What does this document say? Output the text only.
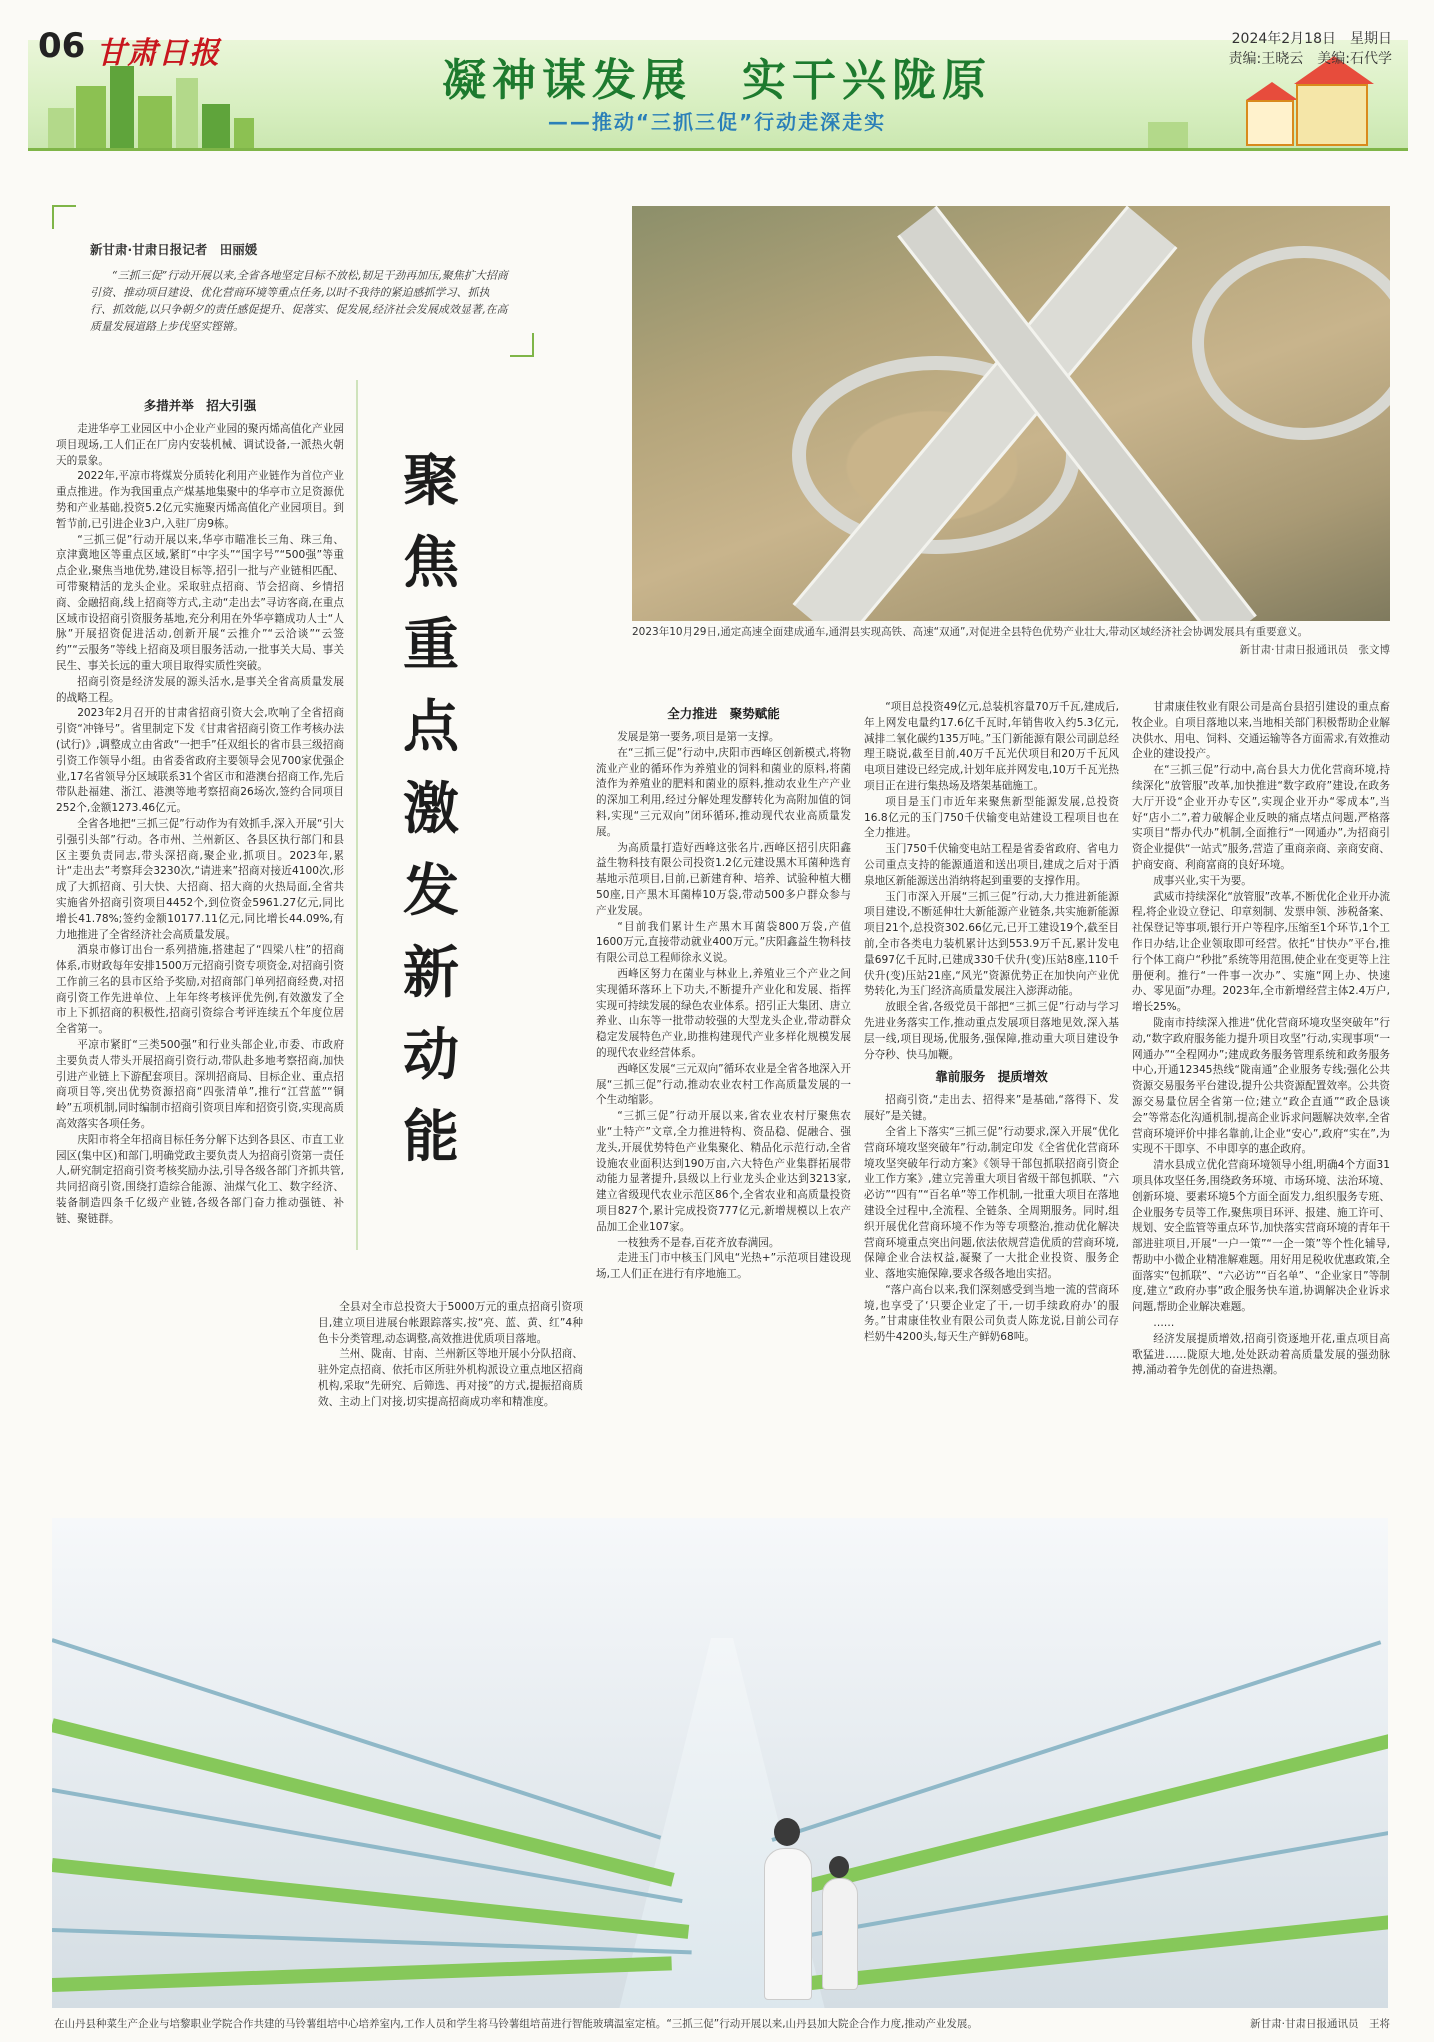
06 甘肃日报	2024年2月18日　星期日
责编:王晓云　美编:石代学
凝神谋发展　实干兴陇原
——推动“三抓三促”行动走深走实
新甘肃·甘肃日报记者　田丽媛
“三抓三促”行动开展以来,全省各地坚定目标不放松,韧足干劲再加压,聚焦扩大招商引资、推动项目建设、优化营商环境等重点任务,以时不我待的紧迫感抓学习、抓执行、抓效能,以只争朝夕的责任感促提升、促落实、促发展,经济社会发展成效显著,在高质量发展道路上步伐坚实铿锵。
2023年10月29日,通定高速全面建成通车,通渭县实现高铁、高速“双通”,对促进全县特色优势产业壮大,带动区域经济社会协调发展具有重要意义。
新甘肃·甘肃日报通讯员　张文博
聚焦重点激发新动能
多措并举　招大引强

走进华亭工业园区中小企业产业园的聚丙烯高值化产业园项目现场,工人们正在厂房内安装机械、调试设备,一派热火朝天的景象。

2022年,平凉市将煤炭分质转化利用产业链作为首位产业重点推进。作为我国重点产煤基地集聚中的华亭市立足资源优势和产业基础,投资5.2亿元实施聚丙烯高值化产业园项目。到暂节前,已引进企业3户,入驻厂房9栋。

“三抓三促”行动开展以来,华亭市瞄准长三角、珠三角、京津冀地区等重点区域,紧盯“中字头”“国字号”“500强”等重点企业,聚焦当地优势,建设目标等,招引一批与产业链相匹配、可带聚精活的龙头企业。采取驻点招商、节会招商、乡情招商、金融招商,线上招商等方式,主动“走出去”寻访客商,在重点区域市设招商引资服务基地,充分利用在外华亭籍成功人士“人脉”开展招资促进活动,创新开展“云推介”“云洽谈”“云签约”“云服务”等线上招商及项目服务活动,一批事关大局、事关民生、事关长远的重大项目取得实质性突破。

招商引资是经济发展的源头活水,是事关全省高质量发展的战略工程。

2023年2月召开的甘肃省招商引资大会,吹响了全省招商引资“冲锋号”。省里制定下发《甘肃省招商引资工作考核办法(试行)》,调整成立由省政“一把手”任双组长的省市县三级招商引资工作领导小组。由省委省政府主要领导会见700家优强企业,17名省领导分区域联系31个省区市和港澳台招商工作,先后带队赴福建、浙江、港澳等地考察招商26场次,签约合同项目252个,金额1273.46亿元。

全省各地把“三抓三促”行动作为有效抓手,深入开展“引大引强引头部”行动。各市州、兰州新区、各县区执行部门和县区主要负责同志,带头深招商,聚企业,抓项目。2023年,累计“走出去”考察拜会3230次,“请进来”招商对接近4100次,形成了大抓招商、引大快、大招商、招大商的火热局面,全省共实施省外招商引资项目4452个,到位资金5961.27亿元,同比增长41.78%;签约金额10177.11亿元,同比增长44.09%,有力地推进了全省经济社会高质量发展。

酒泉市修订出台一系列措施,搭建起了“四梁八柱”的招商体系,市财政每年安排1500万元招商引资专项资金,对招商引资工作前三名的县市区给予奖励,对招商部门单列招商经费,对招商引资工作先进单位、上年年终考核评优先例,有效激发了全市上下抓招商的积极性,招商引资综合考评连续五个年度位居全省第一。

平凉市紧盯“三类500强”和行业头部企业,市委、市政府主要负责人带头开展招商引资行动,带队赴多地考察招商,加快引进产业链上下游配套项目。深圳招商局、目标企业、重点招商项目等,突出优势资源招商“四张清单”,推行“江营蓝”“铜岭”五项机制,同时编制市招商引资项目库和招资引资,实现高质高效落实各项任务。

庆阳市将全年招商目标任务分解下达到各县区、市直工业园区(集中区)和部门,明确党政主要负责人为招商引资第一责任人,研究制定招商引资考核奖励办法,引导各级各部门齐抓共管,共同招商引资,围绕打造综合能源、油煤气化工、数字经济、装备制造四条千亿级产业链,各级各部门奋力推动强链、补链、聚链群。

全县对全市总投资大于5000万元的重点招商引资项目,建立项目进展台帐跟踪落实,按“亮、蓝、黄、红”4种色卡分类管理,动态调整,高效推进优质项目落地。

兰州、陇南、甘南、兰州新区等地开展小分队招商、驻外定点招商、依托市区所驻外机构派设立重点地区招商机构,采取“先研究、后筛选、再对接”的方式,提振招商质效、主动上门对接,切实提高招商成功率和精准度。

全力推进　聚势赋能

发展是第一要务,项目是第一支撑。

在“三抓三促”行动中,庆阳市西峰区创新模式,将物流业产业的循环作为养殖业的饲料和菌业的原料,将菌渣作为养殖业的肥料和菌业的原料,推动农业生产产业的深加工利用,经过分解处理发酵转化为高附加值的饲料,实现“三元双向”闭环循环,推动现代农业高质量发展。

为高质量打造好西峰这张名片,西峰区招引庆阳鑫益生物科技有限公司投资1.2亿元建设黑木耳菌种选育基地示范项目,目前,已新建育种、培养、试验种植大棚50座,日产黑木耳菌棒10万袋,带动500多户群众参与产业发展。

“目前我们累计生产黑木耳菌袋800万袋,产值1600万元,直接带动就业400万元。”庆阳鑫益生物科技有限公司总工程师徐永义说。

西峰区努力在菌业与林业上,养殖业三个产业之间实现循环落环上下功夫,不断提升产业化和发展、指挥实现可持续发展的绿色农业体系。招引正大集团、唐立养业、山东等一批带动较强的大型龙头企业,带动群众稳定发展特色产业,助推构建现代产业多样化规模发展的现代农业经营体系。

西峰区发展“三元双向”循环农业是全省各地深入开展“三抓三促”行动,推动农业农村工作高质量发展的一个生动缩影。

“三抓三促”行动开展以来,省农业农村厅聚焦农业“土特产”文章,全力推进特构、资品稳、促融合、强龙头,开展优势特色产业集聚化、精品化示范行动,全省设施农业面积达到190万亩,六大特色产业集群拓展带动能力显著提升,县级以上行业龙头企业达到3213家,建立省级现代农业示范区86个,全省农业和高质量投资项目827个,累计完成投资777亿元,新增规模以上农产品加工企业107家。

一枝独秀不是春,百花齐放春满园。

走进玉门市中核玉门风电“光热+”示范项目建设现场,工人们正在进行有序地施工。

“项目总投资49亿元,总装机容量70万千瓦,建成后,年上网发电量约17.6亿千瓦时,年销售收入约5.3亿元,减排二氧化碳约135万吨。”玉门新能源有限公司副总经理王晓说,截至目前,40万千瓦光伏项目和20万千瓦风电项目建设已经完成,计划年底并网发电,10万千瓦光热项目正在进行集热场及塔架基础施工。

项目是玉门市近年来聚焦新型能源发展,总投资16.8亿元的玉门750千伏输变电站建设工程项目也在全力推进。

玉门750千伏输变电站工程是省委省政府、省电力公司重点支持的能源通道和送出项目,建成之后对于酒泉地区新能源送出消纳将起到重要的支撑作用。

玉门市深入开展“三抓三促”行动,大力推进新能源项目建设,不断延伸壮大新能源产业链条,共实施新能源项目21个,总投资302.66亿元,已开工建设19个,截至目前,全市各类电力装机累计达到553.9万千瓦,累计发电量697亿千瓦时,已建成330千伏升(变)压站8座,110千伏升(变)压站21座,“风光”资源优势正在加快向产业优势转化,为玉门经济高质量发展注入澎湃动能。

放眼全省,各级党员干部把“三抓三促”行动与学习先进业务落实工作,推动重点发展项目落地见效,深入基层一线,项目现场,优服务,强保障,推动重大项目建设争分夺秒、快马加鞭。

靠前服务　提质增效

招商引资,“走出去、招得来”是基础,“落得下、发展好”是关键。

全省上下落实“三抓三促”行动要求,深入开展“优化营商环境攻坚突破年”行动,制定印发《全省优化营商环境攻坚突破年行动方案》《领导干部包抓联招商引资企业工作方案》,建立完善重大项目省级干部包抓联、“六必访”“四有”“百名单”等工作机制,一批重大项目在落地建设全过程中,全流程、全链条、全周期服务。同时,组织开展优化营商环境不作为等专项整治,推动优化解决营商环境重点突出问题,依法依规营造优质的营商环境,保障企业合法权益,凝聚了一大批企业投资、服务企业、落地实施保障,要求各级各地出实招。

“落户高台以来,我们深刻感受到当地一流的营商环境,也享受了‘只要企业定了干,一切手续政府办’的服务。”甘肃康佳牧业有限公司负责人陈龙说,目前公司存栏奶牛4200头,每天生产鲜奶68吨。

甘肃康佳牧业有限公司是高台县招引建设的重点畜牧企业。自项目落地以来,当地相关部门积极帮助企业解决供水、用电、饲料、交通运输等各方面需求,有效推动企业的建设投产。

在“三抓三促”行动中,高台县大力优化营商环境,持续深化“放管服”改革,加快推进“数字政府”建设,在政务大厅开设“企业开办专区”,实现企业开办“零成本”,当好“店小二”,着力破解企业反映的痛点堵点问题,严格落实项目“帮办代办”机制,全面推行“一网通办”,为招商引资企业提供“一站式”服务,营造了重商亲商、亲商安商、护商安商、利商富商的良好环境。

成事兴业,实干为要。

武威市持续深化“放管服”改革,不断优化企业开办流程,将企业设立登记、印章刻制、发票申领、涉税备案、社保登记等事项,银行开户等程序,压缩至1个环节,1个工作日办结,让企业领取即可经营。依托“甘快办”平台,推行个体工商户“秒批”系统等用范围,使企业在变更等上注册便利。推行“一件事一次办”、实施“网上办、快速办、零见面”办理。2023年,全市新增经营主体2.4万户,增长25%。

陇南市持续深入推进“优化营商环境攻坚突破年”行动,“数字政府服务能力提升项目攻坚”行动,实现事项“一网通办”“全程网办”;建成政务服务管理系统和政务服务中心,开通12345热线“陇南通”企业服务专线;强化公共资源交易服务平台建设,提升公共资源配置效率。公共资源交易量位居全省第一位;建立“政企直通”“政企恳谈会”等常态化沟通机制,提高企业诉求问题解决效率,全省营商环境评价中排名靠前,让企业“安心”,政府“实在”,为实现不干即享、不申即享的惠企政府。

清水县成立优化营商环境领导小组,明确4个方面31项具体攻坚任务,围绕政务环境、市场环境、法治环境、创新环境、要素环境5个方面全面发力,组织服务专班、企业服务专员等工作,聚焦项目环评、报建、施工许可、规划、安全监管等重点环节,加快落实营商环境的青年干部进驻项目,开展“一户一策”“一企一策”等个性化辅导,帮助中小微企业精准解难题。用好用足税收优惠政策,全面落实“包抓联”、“六必访”“百名单”、“企业家日”等制度,建立“政府办事”政企服务快车道,协调解决企业诉求问题,帮助企业解决难题。

……

经济发展提质增效,招商引资逐地开花,重点项目高歌猛进……陇原大地,处处跃动着高质量发展的强劲脉搏,涌动着争先创优的奋进热潮。

在山丹县种菜生产企业与培黎职业学院合作共建的马铃薯组培中心培养室内,工作人员和学生将马铃薯组培苗进行智能玻璃温室定植。“三抓三促”行动开展以来,山丹县加大院企合作力度,推动产业发展。	新甘肃·甘肃日报通讯员　王将
